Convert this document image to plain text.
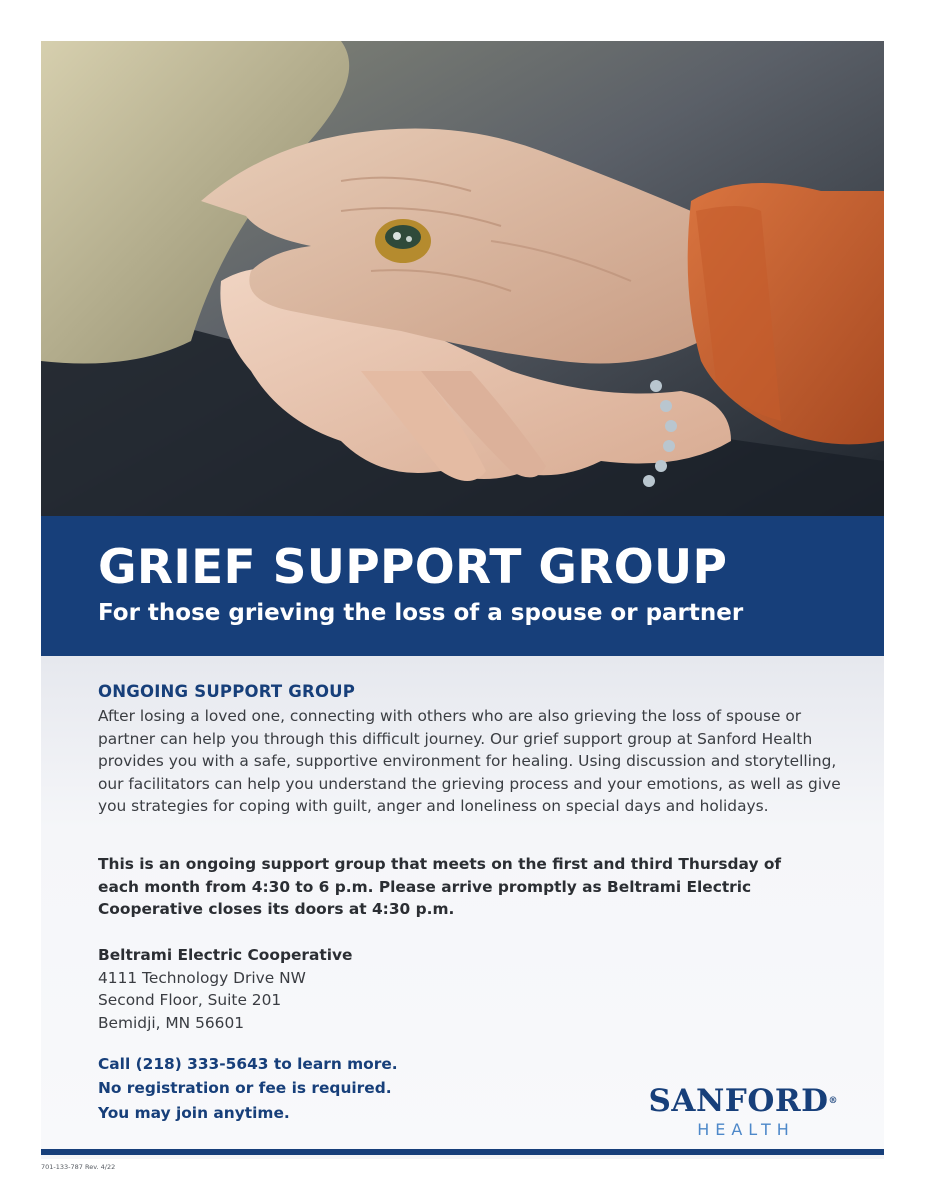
GRIEF SUPPORT GROUP

For those grieving the loss of a spouse or partner

ONGOING SUPPORT GROUP

After losing a loved one, connecting with others who are also grieving the loss of spouse or partner can help you through this difficult journey. Our grief support group at Sanford Health provides you with a safe, supportive environment for healing. Using discussion and storytelling, our facilitators can help you understand the grieving process and your emotions, as well as give you strategies for coping with guilt, anger and loneliness on special days and holidays.

This is an ongoing support group that meets on the first and third Thursday of each month from 4:30 to 6 p.m. Please arrive promptly as Beltrami Electric Cooperative closes its doors at 4:30 p.m.

Beltrami Electric Cooperative
4111 Technology Drive NW
Second Floor, Suite 201
Bemidji, MN 56601

Call (218) 333-5643 to learn more.
No registration or fee is required.
You may join anytime.	SANFORD®
HEALTH

701-133-787 Rev. 4/22
